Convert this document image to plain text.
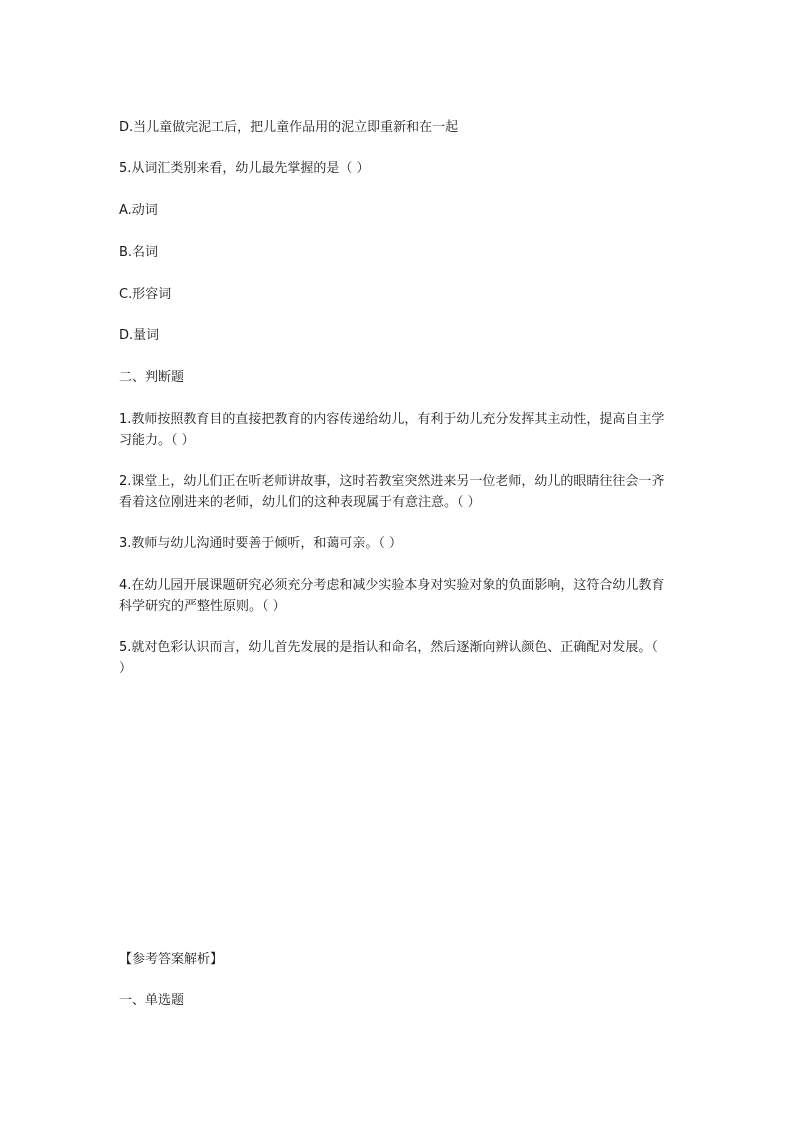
D.当儿童做完泥工后，把儿童作品用的泥立即重新和在一起
5.从词汇类别来看，幼儿最先掌握的是（ ）
A.动词
B.名词
C.形容词
D.量词
二、判断题
1.教师按照教育目的直接把教育的内容传递给幼儿，有利于幼儿充分发挥其主动性，提高自主学习能力。（ ）
2.课堂上，幼儿们正在听老师讲故事，这时若教室突然进来另一位老师，幼儿的眼睛往往会一齐看着这位刚进来的老师，幼儿们的这种表现属于有意注意。（ ）
3.教师与幼儿沟通时要善于倾听，和蔼可亲。（ ）
4.在幼儿园开展课题研究必须充分考虑和减少实验本身对实验对象的负面影响，这符合幼儿教育科学研究的严整性原则。（ ）
5.就对色彩认识而言，幼儿首先发展的是指认和命名，然后逐渐向辨认颜色、正确配对发展。（ ）
【参考答案解析】
一、单选题
